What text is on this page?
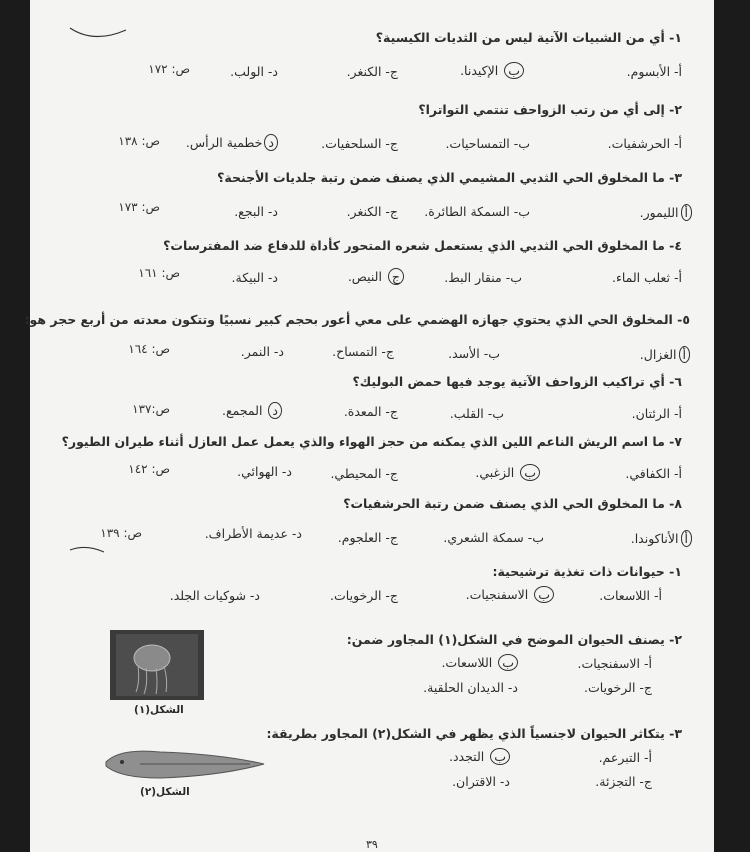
١- أي من الشبيات الآتية ليس من الثديات الكيسية؟
أ- الأبسوم.
ب الإكيدنا.
ج- الكنغر.
د- الولب.
ص: ١٧٢
٢- إلى أي من رتب الزواحف تنتمي التواترا؟
أ- الحرشفيات.
ب- التمساحيات.
ج- السلحفيات.
دخطمية الرأس.
ص: ١٣٨
٣- ما المخلوق الحي الثديي المشيمي الذي يصنف ضمن رتبة جلديات الأجنحة؟
أالليمور.
ب- السمكة الطائرة.
ج- الكنغر.
د- البجع.
ص: ١٧٣
٤- ما المخلوق الحي الثديي الذي يستعمل شعره المتحور كأداة للدفاع ضد المفترسات؟
أ- ثعلب الماء.
ب- منقار البط.
ج النيص.
د- البيكة.
ص: ١٦١
٥- المخلوق الحي الذي يحتوي جهازه الهضمي على معي أعور بحجم كبير نسبيًا وتتكون معدته من أربع حجر هو:
أالغزال.
ب- الأسد.
ج- التمساح.
د- النمر.
ص: ١٦٤
٦- أي تراكيب الزواحف الآتية يوجد فيها حمض البوليك؟
أ- الرئتان.
ب- القلب.
ج- المعدة.
د المجمع.
ص:١٣٧
٧- ما اسم الريش الناعم اللين الذي يمكنه من حجز الهواء والذي يعمل عمل العازل أثناء طيران الطيور؟
أ- الكفافي.
ب الزغبي.
ج- المحيطي.
د- الهوائي.
ص: ١٤٢
٨- ما المخلوق الحي الذي يصنف ضمن رتبة الحرشفيات؟
أالأناكوندا.
ب- سمكة الشعري.
ج- العلجوم.
د- عديمة الأطراف.
ص: ١٣٩
١- حيوانات ذات تغذية ترشيحية:
أ- اللاسعات.
ب الاسفنجيات.
ج- الرخويات.
د- شوكيات الجلد.
٢- يصنف الحيوان الموضح في الشكل(١) المجاور ضمن:
أ- الاسفنجيات.
ب اللاسعات.
ج- الرخويات.
د- الديدان الحلقية.
الشكل(١)
٣- يتكاثر الحيوان لاجنسياً الذي يظهر في الشكل(٢) المجاور بطريقة:
أ- التبرعم.
ب التجدد.
ج- التجزئة.
د- الاقتران.
الشكل(٢)
٣٩
